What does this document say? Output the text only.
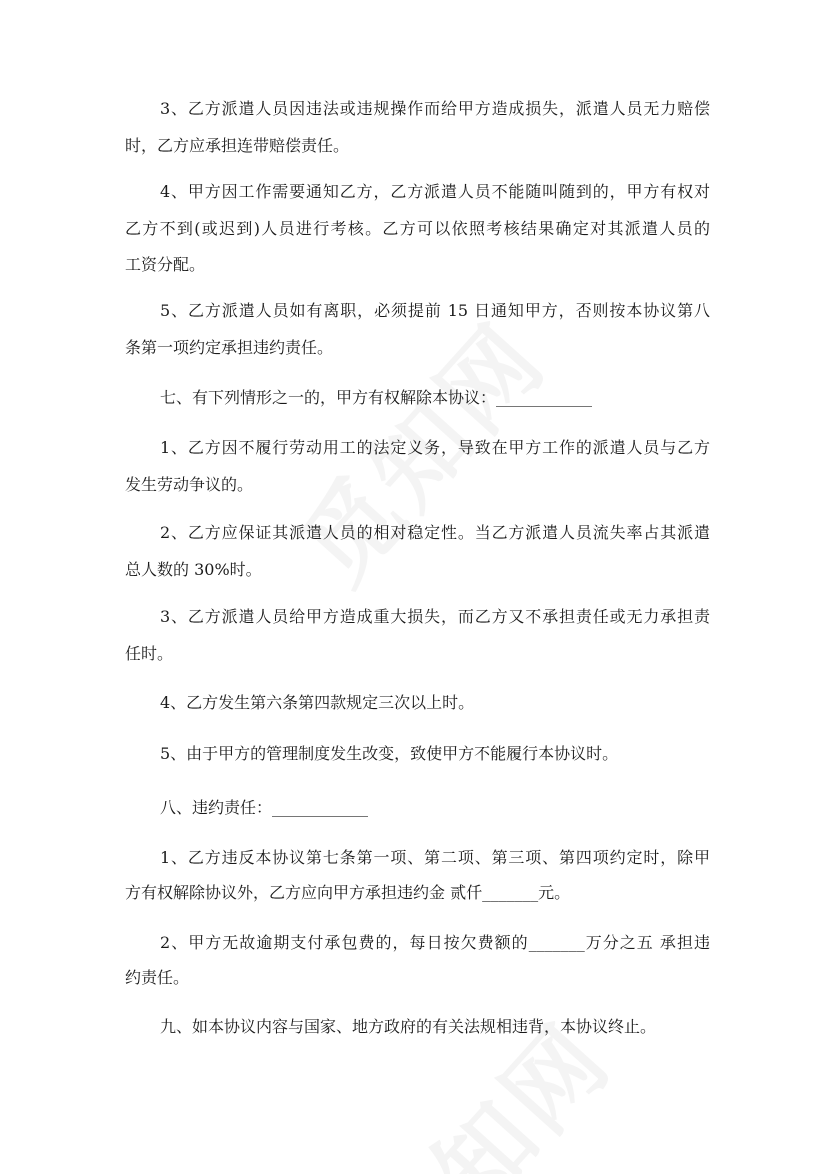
3、乙方派遣人员因违法或违规操作而给甲方造成损失，派遣人员无力赔偿
时，乙方应承担连带赔偿责任。
4、甲方因工作需要通知乙方，乙方派遣人员不能随叫随到的，甲方有权对
乙方不到(或迟到)人员进行考核。乙方可以依照考核结果确定对其派遣人员的
工资分配。
5、乙方派遣人员如有离职，必须提前 15 日通知甲方，否则按本协议第八
条第一项约定承担违约责任。
七、有下列情形之一的，甲方有权解除本协议：____________
1、乙方因不履行劳动用工的法定义务，导致在甲方工作的派遣人员与乙方
发生劳动争议的。
2、乙方应保证其派遣人员的相对稳定性。当乙方派遣人员流失率占其派遣
总人数的 30%时。
3、乙方派遣人员给甲方造成重大损失，而乙方又不承担责任或无力承担责
任时。
4、乙方发生第六条第四款规定三次以上时。
5、由于甲方的管理制度发生改变，致使甲方不能履行本协议时。
八、违约责任：____________
1、乙方违反本协议第七条第一项、第二项、第三项、第四项约定时，除甲
方有权解除协议外，乙方应向甲方承担违约金 贰仟_______元。
2、甲方无故逾期支付承包费的，每日按欠费额的_______万分之五 承担违
约责任。
九、如本协议内容与国家、地方政府的有关法规相违背，本协议终止。
